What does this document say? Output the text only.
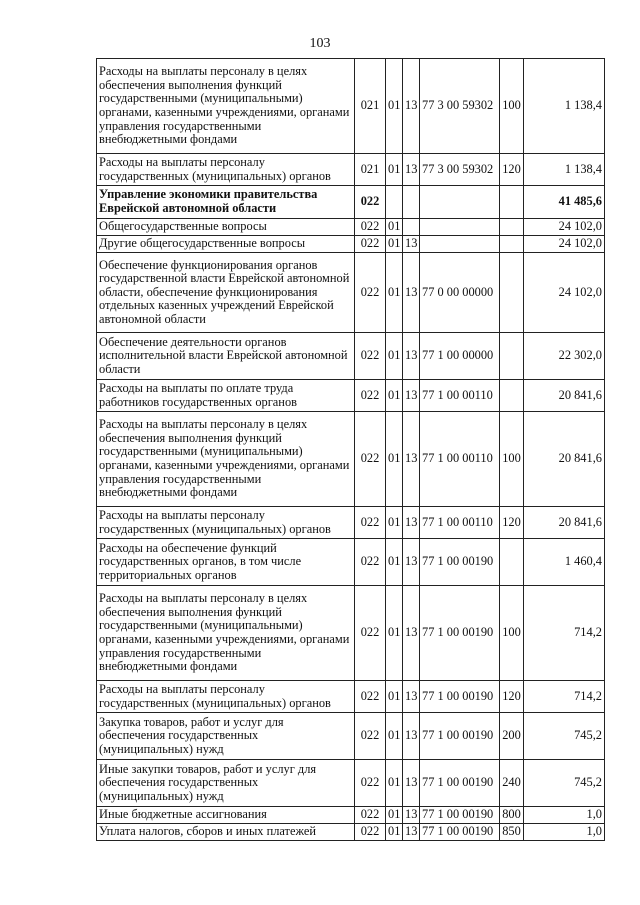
103
Расходы на выплаты персоналу в целях обеспечения выполнения функций государственными (муниципальными) органами, казенными учреждениями, органами управления государственными внебюджетными фондами	021	01	13	77 3 00 59302	100	1 138,4
Расходы на выплаты персоналу государственных (муниципальных) органов	021	01	13	77 3 00 59302	120	1 138,4
Управление экономики правительства Еврейской автономной области	022					41 485,6
Общегосударственные вопросы	022	01				24 102,0
Другие общегосударственные вопросы	022	01	13			24 102,0
Обеспечение функционирования органов государственной власти Еврейской автономной области, обеспечение функционирования отдельных казенных учреждений Еврейской автономной области	022	01	13	77 0 00 00000		24 102,0
Обеспечение деятельности органов исполнительной власти Еврейской автономной области	022	01	13	77 1 00 00000		22 302,0
Расходы на выплаты по оплате труда работников государственных органов	022	01	13	77 1 00 00110		20 841,6
Расходы на выплаты персоналу в целях обеспечения выполнения функций государственными (муниципальными) органами, казенными учреждениями, органами управления государственными внебюджетными фондами	022	01	13	77 1 00 00110	100	20 841,6
Расходы на выплаты персоналу государственных (муниципальных) органов	022	01	13	77 1 00 00110	120	20 841,6
Расходы на обеспечение функций государственных органов, в том числе территориальных органов	022	01	13	77 1 00 00190		1 460,4
Расходы на выплаты персоналу в целях обеспечения выполнения функций государственными (муниципальными) органами, казенными учреждениями, органами управления государственными внебюджетными фондами	022	01	13	77 1 00 00190	100	714,2
Расходы на выплаты персоналу государственных (муниципальных) органов	022	01	13	77 1 00 00190	120	714,2
Закупка товаров, работ и услуг для обеспечения государственных (муниципальных) нужд	022	01	13	77 1 00 00190	200	745,2
Иные закупки товаров, работ и услуг для обеспечения государственных (муниципальных) нужд	022	01	13	77 1 00 00190	240	745,2
Иные бюджетные ассигнования	022	01	13	77 1 00 00190	800	1,0
Уплата налогов, сборов и иных платежей	022	01	13	77 1 00 00190	850	1,0
